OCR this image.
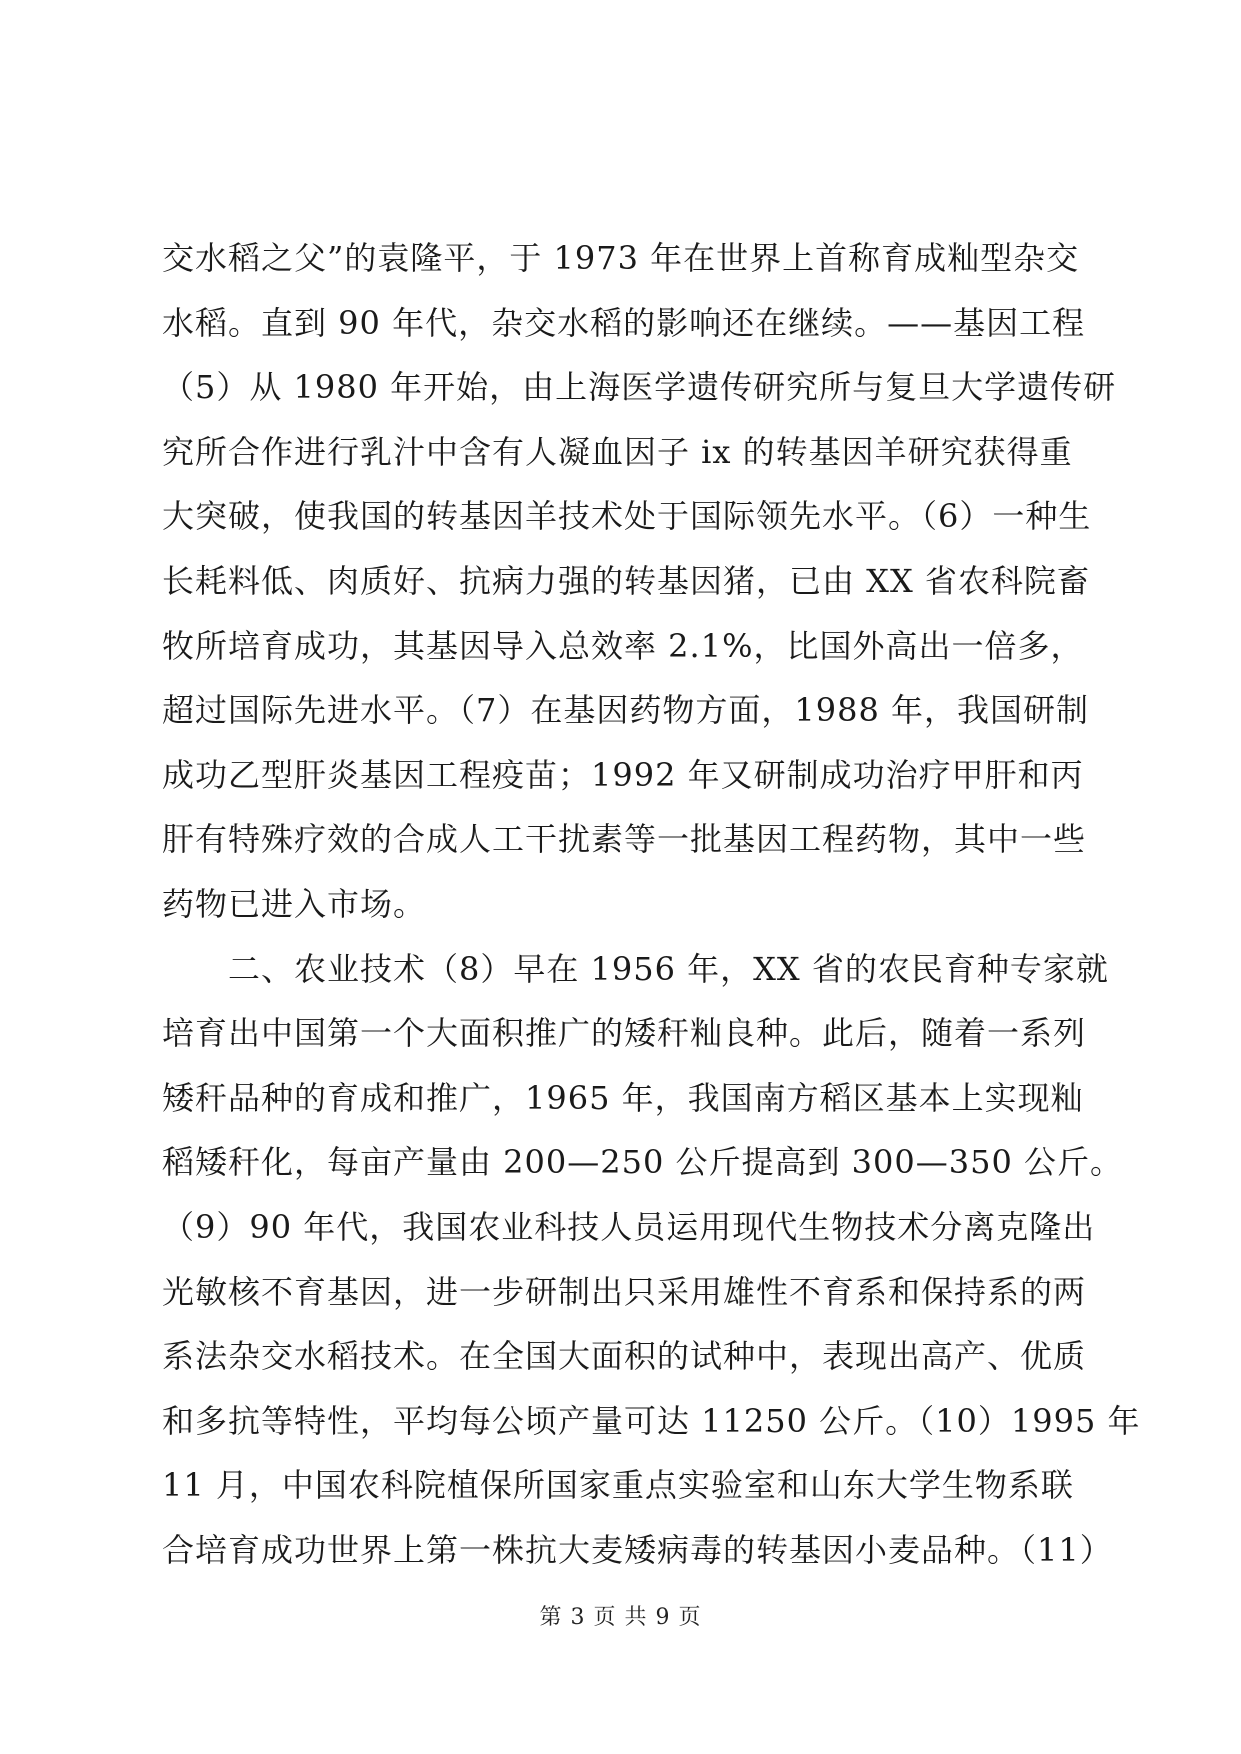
交水稻之父”的袁隆平，于 1973 年在世界上首称育成籼型杂交
水稻。直到 90 年代，杂交水稻的影响还在继续。——基因工程
（5）从 1980 年开始，由上海医学遗传研究所与复旦大学遗传研
究所合作进行乳汁中含有人凝血因子 ix 的转基因羊研究获得重
大突破，使我国的转基因羊技术处于国际领先水平。（6）一种生
长耗料低、肉质好、抗病力强的转基因猪，已由 XX 省农科院畜
牧所培育成功，其基因导入总效率 2.1%，比国外高出一倍多，
超过国际先进水平。（7）在基因药物方面，1988 年，我国研制
成功乙型肝炎基因工程疫苗；1992 年又研制成功治疗甲肝和丙
肝有特殊疗效的合成人工干扰素等一批基因工程药物，其中一些
药物已进入市场。
　　二、农业技术（8）早在 1956 年，XX 省的农民育种专家就
培育出中国第一个大面积推广的矮秆籼良种。此后，随着一系列
矮秆品种的育成和推广，1965 年，我国南方稻区基本上实现籼
稻矮秆化，每亩产量由 200—250 公斤提高到 300—350 公斤。
（9）90 年代，我国农业科技人员运用现代生物技术分离克隆出
光敏核不育基因，进一步研制出只采用雄性不育系和保持系的两
系法杂交水稻技术。在全国大面积的试种中，表现出高产、优质
和多抗等特性，平均每公顷产量可达 11250 公斤。（10）1995 年
11 月，中国农科院植保所国家重点实验室和山东大学生物系联
合培育成功世界上第一株抗大麦矮病毒的转基因小麦品种。（11）
第 3 页 共 9 页
